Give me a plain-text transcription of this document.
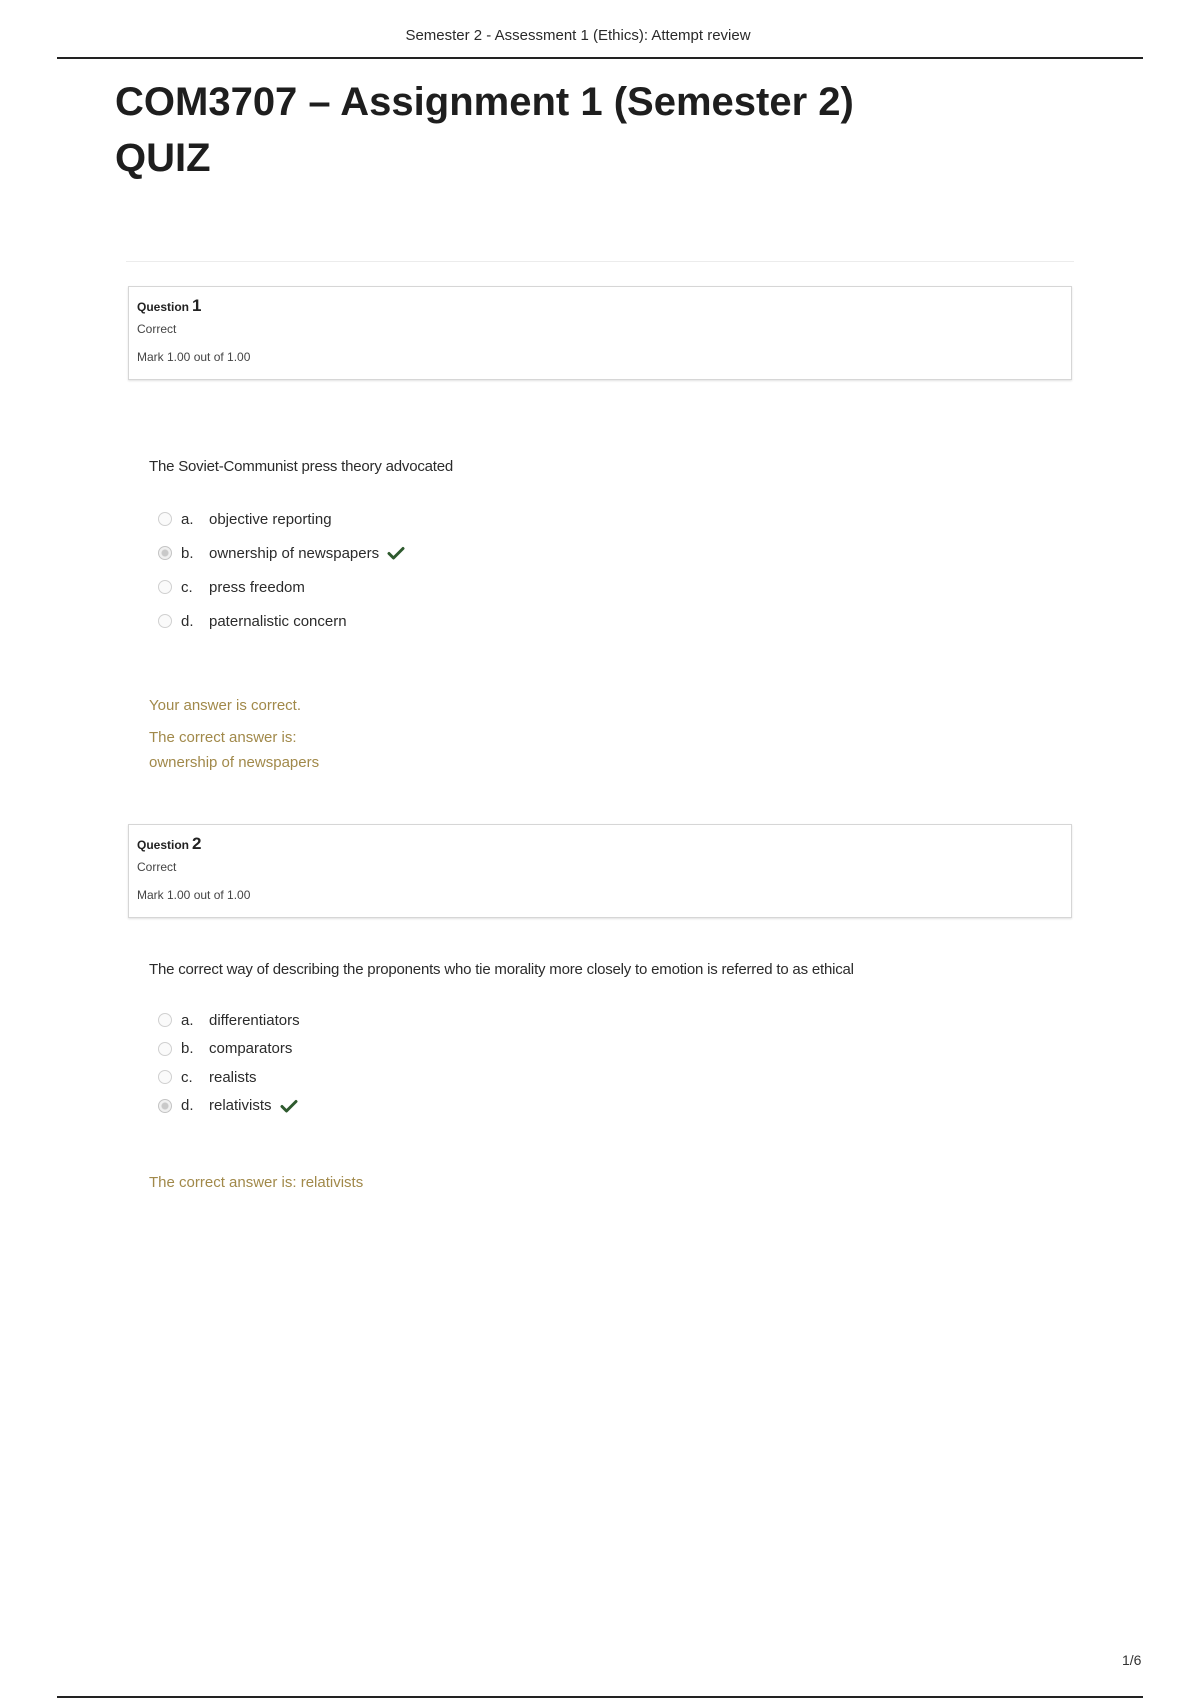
Semester 2 - Assessment 1 (Ethics): Attempt review
COM3707 – Assignment 1 (Semester 2)
QUIZ
Question 1
Correct
Mark 1.00 out of 1.00
The Soviet-Communist press theory advocated
a.	objective reporting
b.	ownership of newspapers
c.	press freedom
d.	paternalistic concern
Your answer is correct.
The correct answer is:
ownership of newspapers
Question 2
Correct
Mark 1.00 out of 1.00
The correct way of describing the proponents who tie morality more closely to emotion is referred to as ethical
a.	differentiators
b.	comparators
c.	realists
d.	relativists
The correct answer is: relativists
1/6
